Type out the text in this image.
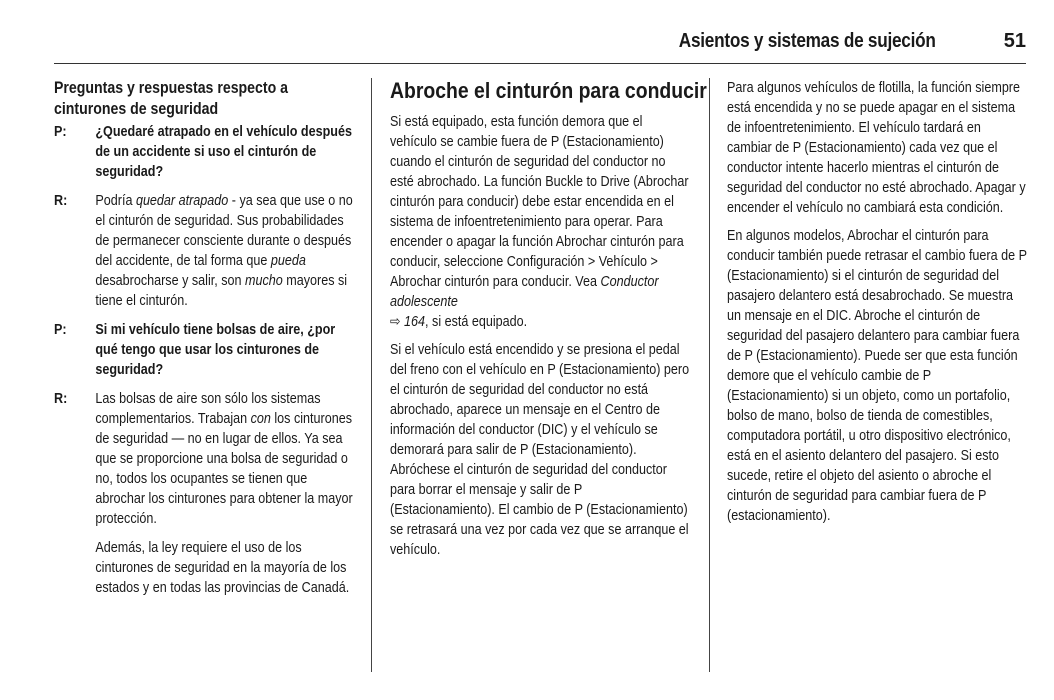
Asientos y sistemas de sujeción	51
Preguntas y respuestas respecto a cinturones de seguridad
P: ¿Quedaré atrapado en el vehículo después de un accidente si uso el cinturón de seguridad?
R: Podría quedar atrapado - ya sea que use o no el cinturón de seguridad. Sus probabilidades de permanecer consciente durante o después del accidente, de tal forma que pueda desabrocharse y salir, son mucho mayores si tiene el cinturón.
P: Si mi vehículo tiene bolsas de aire, ¿por qué tengo que usar los cinturones de seguridad?
R: Las bolsas de aire son sólo los sistemas complementarios. Trabajan con los cinturones de seguridad — no en lugar de ellos. Ya sea que se proporcione una bolsa de seguridad o no, todos los ocupantes se tienen que abrochar los cinturones para obtener la mayor protección.

Además, la ley requiere el uso de los cinturones de seguridad en la mayoría de los estados y en todas las provincias de Canadá.

Abroche el cinturón para conducir

Si está equipado, esta función demora que el vehículo se cambie fuera de P (Estacionamiento) cuando el cinturón de seguridad del conductor no esté abrochado. La función Buckle to Drive (Abrochar cinturón para conducir) debe estar encendida en el sistema de infoentretenimiento para operar. Para encender o apagar la función Abrochar cinturón para conducir, seleccione Configuración > Vehículo > Abrochar cinturón para conducir. Vea Conductor adolescente
⇨ 164, si está equipado.

Si el vehículo está encendido y se presiona el pedal del freno con el vehículo en P (Estacionamiento) pero el cinturón de seguridad del conductor no está abrochado, aparece un mensaje en el Centro de información del conductor (DIC) y el vehículo se demorará para salir de P (Estacionamiento). Abróchese el cinturón de seguridad del conductor para borrar el mensaje y salir de P (Estacionamiento). El cambio de P (Estacionamiento) se retrasará una vez por cada vez que se arranque el vehículo.

Para algunos vehículos de flotilla, la función siempre está encendida y no se puede apagar en el sistema de infoentretenimiento. El vehículo tardará en cambiar de P (Estacionamiento) cada vez que el conductor intente hacerlo mientras el cinturón de seguridad del conductor no esté abrochado. Apagar y encender el vehículo no cambiará esta condición.

En algunos modelos, Abrochar el cinturón para conducir también puede retrasar el cambio fuera de P (Estacionamiento) si el cinturón de seguridad del pasajero delantero está desabrochado. Se muestra un mensaje en el DIC. Abroche el cinturón de seguridad del pasajero delantero para cambiar fuera de P (Estacionamiento). Puede ser que esta función demore que el vehículo cambie de P (Estacionamiento) si un objeto, como un portafolio, bolso de mano, bolso de tienda de comestibles, computadora portátil, u otro dispositivo electrónico, está en el asiento delantero del pasajero. Si esto sucede, retire el objeto del asiento o abroche el cinturón de seguridad para cambiar fuera de P (estacionamiento).
